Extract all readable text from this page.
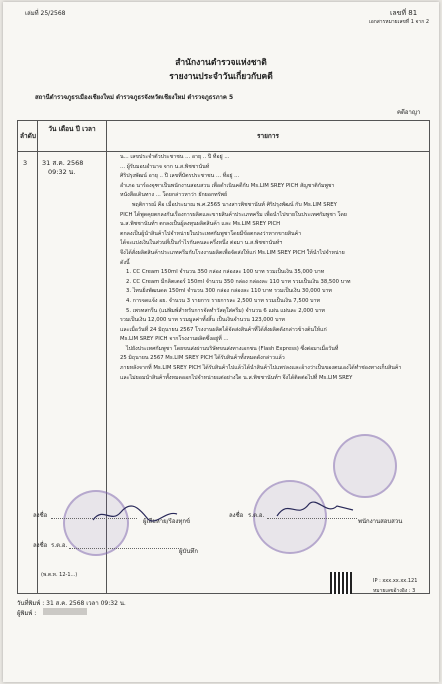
เล่มที่ 25/2568	เลขที่ 81
เอกสารหมายเลขที่ 1 จาก 2
สำนักงานตำรวจแห่งชาติ
รายงานประจำวันเกี่ยวกับคดี
สถานีตำรวจภูธรเมืองเชียงใหม่ ตำรวจภูธรจังหวัดเชียงใหม่ ตำรวจภูธรภาค 5
คดีอาญา
ลำดับ
วัน เดือน ปี เวลา
รายการ
3 31 ส.ค. 2568
09:32 น.
น... เลขประจำตัวประชาชน ... อายุ .. ปี ที่อยู่ ...
... ผู้รับมอบอำนาจ จาก น.ส.พิชชานันท์
ศิริปรุงพัฒน์ อายุ .. ปี เลขที่บัตรประชาชน ... ที่อยู่ ...
อำเภอ นาร์องจุฑาเป็นพนักงานสอบสวน เพื่อดำเนินคดีกับ Ms.LIM SREY PICH สัญชาติกัมพูชา
หนังสือเดินทาง ... โดยกล่าวหาว่า ยักยอกทรัพย์
พฤติการณ์ คือ เมื่อประมาณ พ.ศ.2565 นางสาวพิชชานันท์ ศิริปรุงพัฒน์ กับ Ms.LIM SREY
PICH ได้พูดคุยตกลงกันเรื่องการผลิตและขายสินค้าประเภทครีม เพื่อนำไปขายในประเทศกัมพูชา โดย
น.ส.พิชชานันท์ฯ ตกลงเป็นผู้ลงทุนผลิตสินค้า และ Ms.LIM SREY PICH
ตกลงเป็นผู้นำสินค้าไปจำหน่ายในประเทศกัมพูชาโดยมีข้อตกลงว่าหากขายสินค้า
ได้จะแบ่งเงินในส่วนที่เป็นกำไรกันคนละครึ่งหนึ่ง ต่อมา น.ส.พิชชานันท์ฯ
จึงได้สั่งผลิตสินค้าประเภทครีมกับโรงงานผลิตเพื่อจัดส่งให้แก่ Ms.LIM SREY PICH ให้นำไปจำหน่าย
ดังนี้
1. CC Cream 150ml จำนวน 350 กล่อง กล่องละ 100 บาท รวมเป็นเงิน 35,000 บาท
2. CC Cream มีกลิตเตอร์ 150ml จำนวน 350 กล่อง กล่องละ 110 บาท รวมเป็นเงิน 38,500 บาท
3. ไทนยิ่งพัฒนดด 150ml จำนวน 300 กล่อง กล่องละ 110 บาท รวมเป็นเงิน 30,000 บาท
4. การจดแจ้ง อย. จำนวน 3 รายการ รายการละ 2,500 บาท รวมเป็นเงิน 7,500 บาท
5. เพรทสกรีน (แม่พิมพ์สำหรับการจัดทำวัสดุใส่ครีม) จำนวน 6 แผ่น แผ่นละ 2,000 บาท
รวมเป็นเงิน 12,000 บาท รวมมูลค่าทั้งสิ้น เป็นเงินจำนวน 123,000 บาท
และเมื่อวันที่ 24 มิถุนายน 2567 โรงงานผลิตได้จัดส่งสินค้าที่ได้สั่งผลิตดังกล่าวข้างต้นให้แก่
Ms.LIM SREY PICH จากโรงงานผลิตซึ่งอยู่ที่ ...
ไปยังประเทศกัมพูชา โดยขนส่งผ่านบริษัทขนส่งทางเอกชน (Flash Express) ซึ่งต่อมาเมื่อวันที่
25 มิถุนายน 2567 Ms.LIM SREY PICH ได้รับสินค้าทั้งหมดดังกล่าวแล้ว
ภายหลังจากที่ Ms.LIM SREY PICH ได้รับสินค้าไปแล้วได้นำสินค้าไปแพร่ลงและอ้างว่าเป็นของตนเองได้ทำช่องทางเก็บสินค้า
และไม่ยอมนำสินค้าทั้งหมดออกไปจำหน่ายแต่อย่างใด น.ส.พิชชานันท์ฯ จึงได้ติดต่อไปที่ Ms.LIM SREY
ลงชื่อ
ผู้เสียหาย/ร้องทุกข์
ลงชื่อ ร.ต.อ.
พนักงานสอบสวน
ลงชื่อ ร.ต.อ.
ผู้บันทึก
(พ.ต.ท. 12-1...)
วันที่พิมพ์ : 31 ส.ค. 2568 เวลา 09:32 น.
ผู้พิมพ์ :
IP : xxx.xx.xx.121
หมายเลขอ้างอิง : 3
